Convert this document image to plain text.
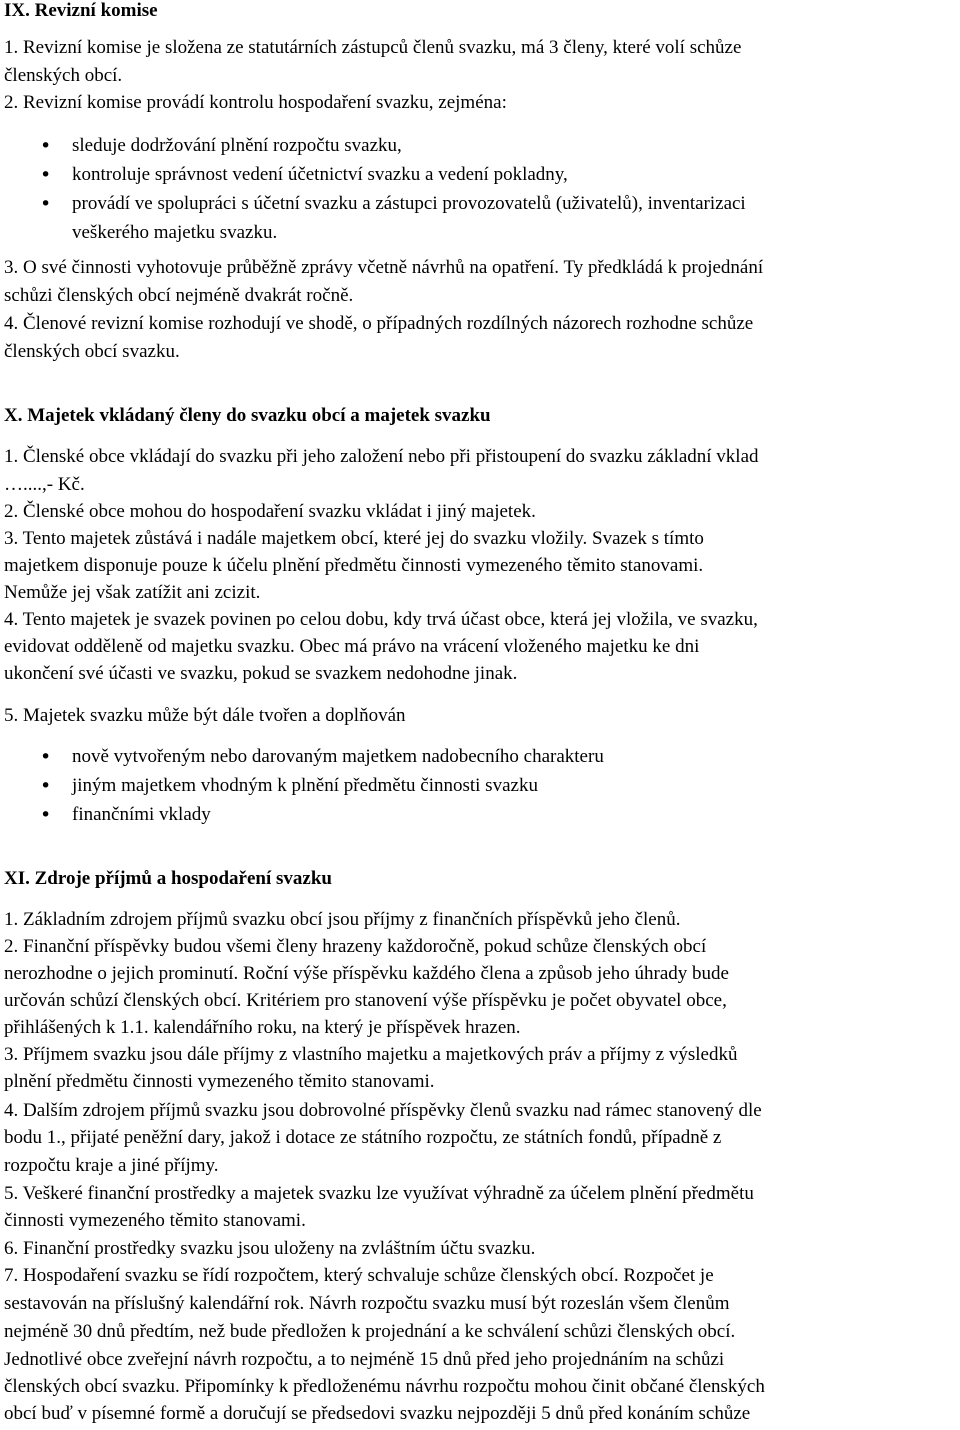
IX. Revizní komise
1. Revizní komise je složena ze statutárních zástupců členů svazku, má 3 členy, které volí schůze
členských obcí.
2. Revizní komise provádí kontrolu hospodaření svazku, zejména:
sleduje dodržování plnění rozpočtu svazku,
•
kontroluje správnost vedení účetnictví svazku a vedení pokladny,
•
provádí ve spolupráci s účetní svazku a zástupci provozovatelů (uživatelů), inventarizaci
•
veškerého majetku svazku.
3. O své činnosti vyhotovuje průběžně zprávy včetně návrhů na opatření. Ty předkládá k projednání
schůzi členských obcí nejméně dvakrát ročně.
4. Členové revizní komise rozhodují ve shodě, o případných rozdílných názorech rozhodne schůze
členských obcí svazku.
X. Majetek vkládaný členy do svazku obcí a majetek svazku
1. Členské obce vkládají do svazku při jeho založení nebo při přistoupení do svazku základní vklad
…....,- Kč.
2. Členské obce mohou do hospodaření svazku vkládat i jiný majetek.
3. Tento majetek zůstává i nadále majetkem obcí, které jej do svazku vložily. Svazek s tímto
majetkem disponuje pouze k účelu plnění předmětu činnosti vymezeného těmito stanovami.
Nemůže jej však zatížit ani zcizit.
4. Tento majetek je svazek povinen po celou dobu, kdy trvá účast obce, která jej vložila, ve svazku,
evidovat odděleně od majetku svazku. Obec má právo na vrácení vloženého majetku ke dni
ukončení své účasti ve svazku, pokud se svazkem nedohodne jinak.
5. Majetek svazku může být dále tvořen a doplňován
nově vytvořeným nebo darovaným majetkem nadobecního charakteru
•
jiným majetkem vhodným k plnění předmětu činnosti svazku
•
finančními vklady
•
XI. Zdroje příjmů a hospodaření svazku
1. Základním zdrojem příjmů svazku obcí jsou příjmy z finančních příspěvků jeho členů.
2. Finanční příspěvky budou všemi členy hrazeny každoročně, pokud schůze členských obcí
nerozhodne o jejich prominutí. Roční výše příspěvku každého člena a způsob jeho úhrady bude
určován schůzí členských obcí. Kritériem pro stanovení výše příspěvku je počet obyvatel obce,
přihlášených k 1.1. kalendářního roku, na který je příspěvek hrazen.
3. Příjmem svazku jsou dále příjmy z vlastního majetku a majetkových práv a příjmy z výsledků
plnění předmětu činnosti vymezeného těmito stanovami.
4. Dalším zdrojem příjmů svazku jsou dobrovolné příspěvky členů svazku nad rámec stanovený dle
bodu 1., přijaté peněžní dary, jakož i dotace ze státního rozpočtu, ze státních fondů, případně z
rozpočtu kraje a jiné příjmy.
5. Veškeré finanční prostředky a majetek svazku lze využívat výhradně za účelem plnění předmětu
činnosti vymezeného těmito stanovami.
6. Finanční prostředky svazku jsou uloženy na zvláštním účtu svazku.
7. Hospodaření svazku se řídí rozpočtem, který schvaluje schůze členských obcí. Rozpočet je
sestavován na příslušný kalendářní rok. Návrh rozpočtu svazku musí být rozeslán všem členům
nejméně 30 dnů předtím, než bude předložen k projednání a ke schválení schůzi členských obcí.
Jednotlivé obce zveřejní návrh rozpočtu, a to nejméně 15 dnů před jeho projednáním na schůzi
členských obcí svazku. Připomínky k předloženému návrhu rozpočtu mohou činit občané členských
obcí buď v písemné formě a doručují se předsedovi svazku nejpozději 5 dnů před konáním schůze
